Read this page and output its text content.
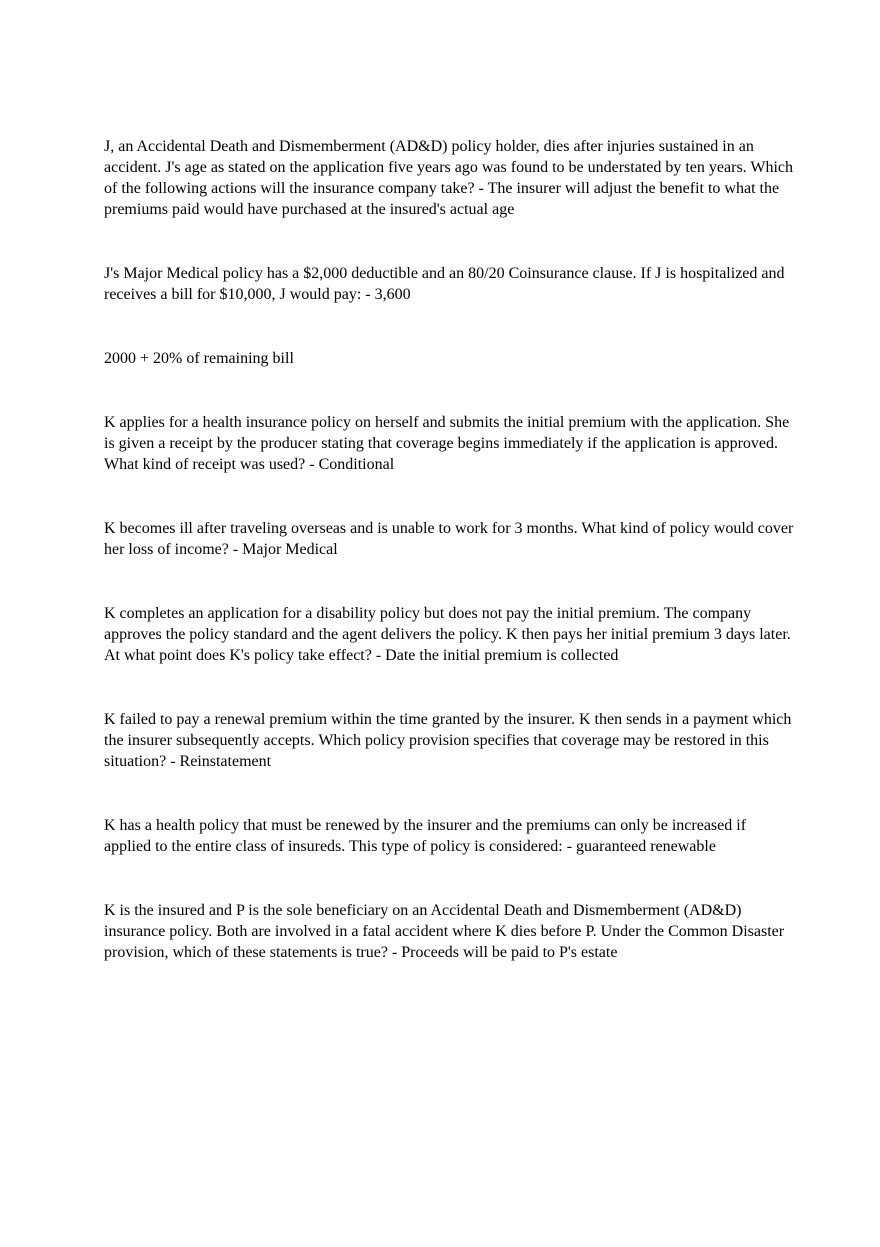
J, an Accidental Death and Dismemberment (AD&D) policy holder, dies after injuries sustained in an accident. J's age as stated on the application five years ago was found to be understated by ten years. Which of the following actions will the insurance company take? - The insurer will adjust the benefit to what the premiums paid would have purchased at the insured's actual age

J's Major Medical policy has a $2,000 deductible and an 80/20 Coinsurance clause. If J is hospitalized and receives a bill for $10,000, J would pay: - 3,600

2000 + 20% of remaining bill

K applies for a health insurance policy on herself and submits the initial premium with the application. She is given a receipt by the producer stating that coverage begins immediately if the application is approved. What kind of receipt was used? - Conditional

K becomes ill after traveling overseas and is unable to work for 3 months. What kind of policy would cover her loss of income? - Major Medical

K completes an application for a disability policy but does not pay the initial premium. The company approves the policy standard and the agent delivers the policy. K then pays her initial premium 3 days later. At what point does K's policy take effect? - Date the initial premium is collected

K failed to pay a renewal premium within the time granted by the insurer. K then sends in a payment which the insurer subsequently accepts. Which policy provision specifies that coverage may be restored in this situation? - Reinstatement

K has a health policy that must be renewed by the insurer and the premiums can only be increased if applied to the entire class of insureds. This type of policy is considered: - guaranteed renewable

K is the insured and P is the sole beneficiary on an Accidental Death and Dismemberment (AD&D) insurance policy. Both are involved in a fatal accident where K dies before P. Under the Common Disaster provision, which of these statements is true? - Proceeds will be paid to P's estate
